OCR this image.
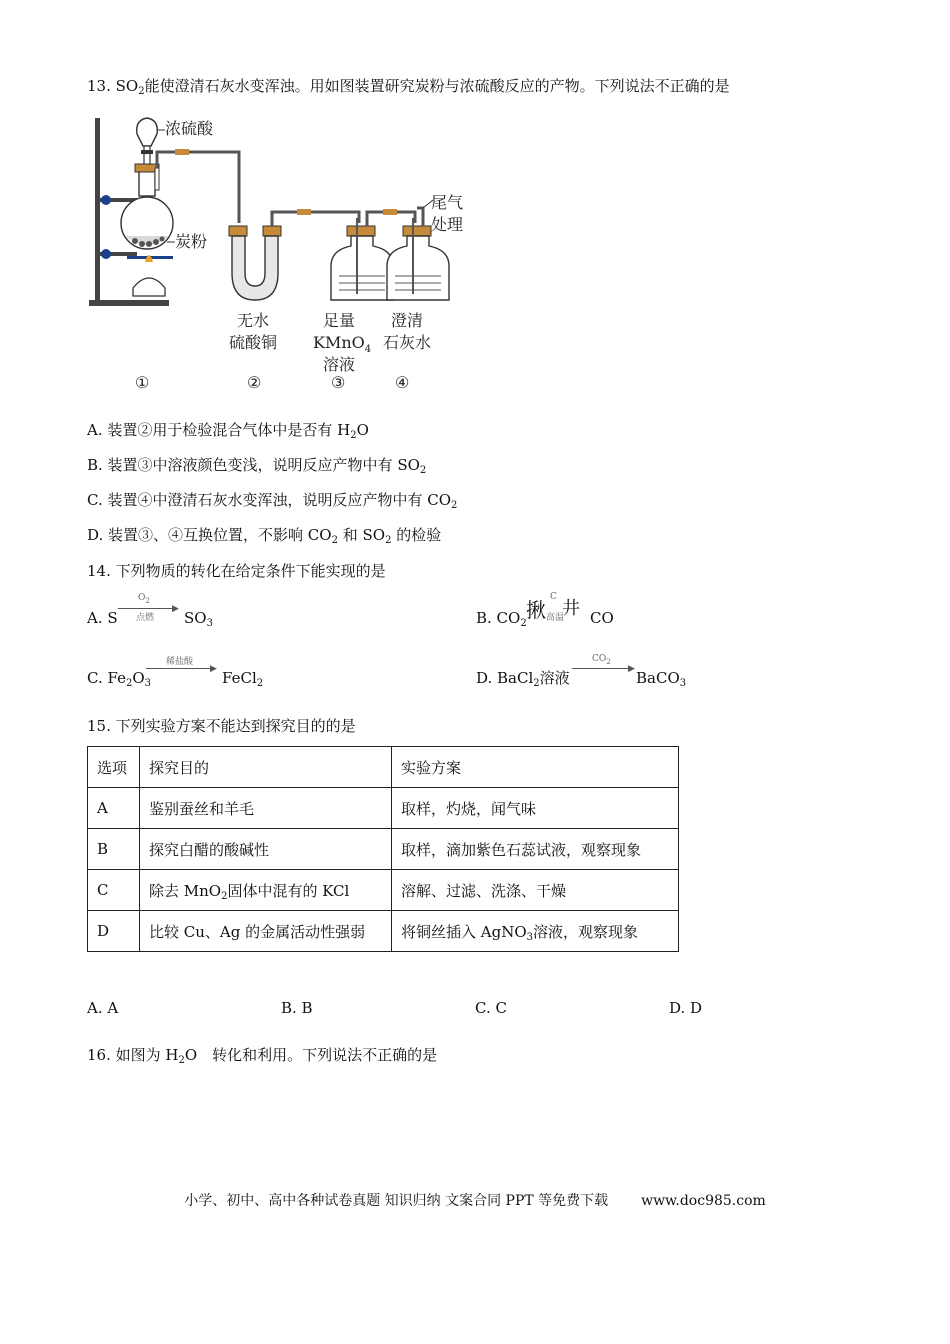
13. $SO_2$能使澄清石灰水变浑浊。用如图装置研究炭粉与浓硫酸反应的产物。下列说法不正确的是
浓硫酸
炭粉
尾气
处理
无水
硫酸铜
足量
KMnO$_4$
溶液
澄清
石灰水
①	②	③	④
A. 装置②用于检验混合气体中是否有 $H_2O$
B. 装置③中溶液颜色变浅，说明反应产物中有 $SO_2$
C. 装置④中澄清石灰水变浑浊，说明反应产物中有 $CO_2$
D. 装置③、④互换位置，不影响 $CO_2$ 和 $SO_2$ 的检验
14. 下列物质的转化在给定条件下能实现的是
A. S
$O_2$
▶
点燃 $SO_3$	B. $CO_2$
揪
C
井
高温 CO
C. $Fe_2O_3$
稀盐酸
▶ FeCl$_2$	D. BaCl$_2$溶液
$CO_2$
▶ BaCO$_3$
15. 下列实验方案不能达到探究目的的是
选项	探究目的	实验方案
A	鉴别蚕丝和羊毛	取样，灼烧，闻气味
B	探究白醋的酸碱性	取样，滴加紫色石蕊试液，观察现象
C	除去 MnO$_2$固体中混有的 KCl	溶解、过滤、洗涤、干燥
D	比较 Cu、Ag 的金属活动性强弱	将铜丝插入 AgNO$_3$溶液，观察现象
A. A	B. B	C. C	D. D
16. 如图为 $H_2O$　转化和利用。下列说法不正确的是
小学、初中、高中各种试卷真题 知识归纳 文案合同 PPT 等免费下载 www.doc985.com
